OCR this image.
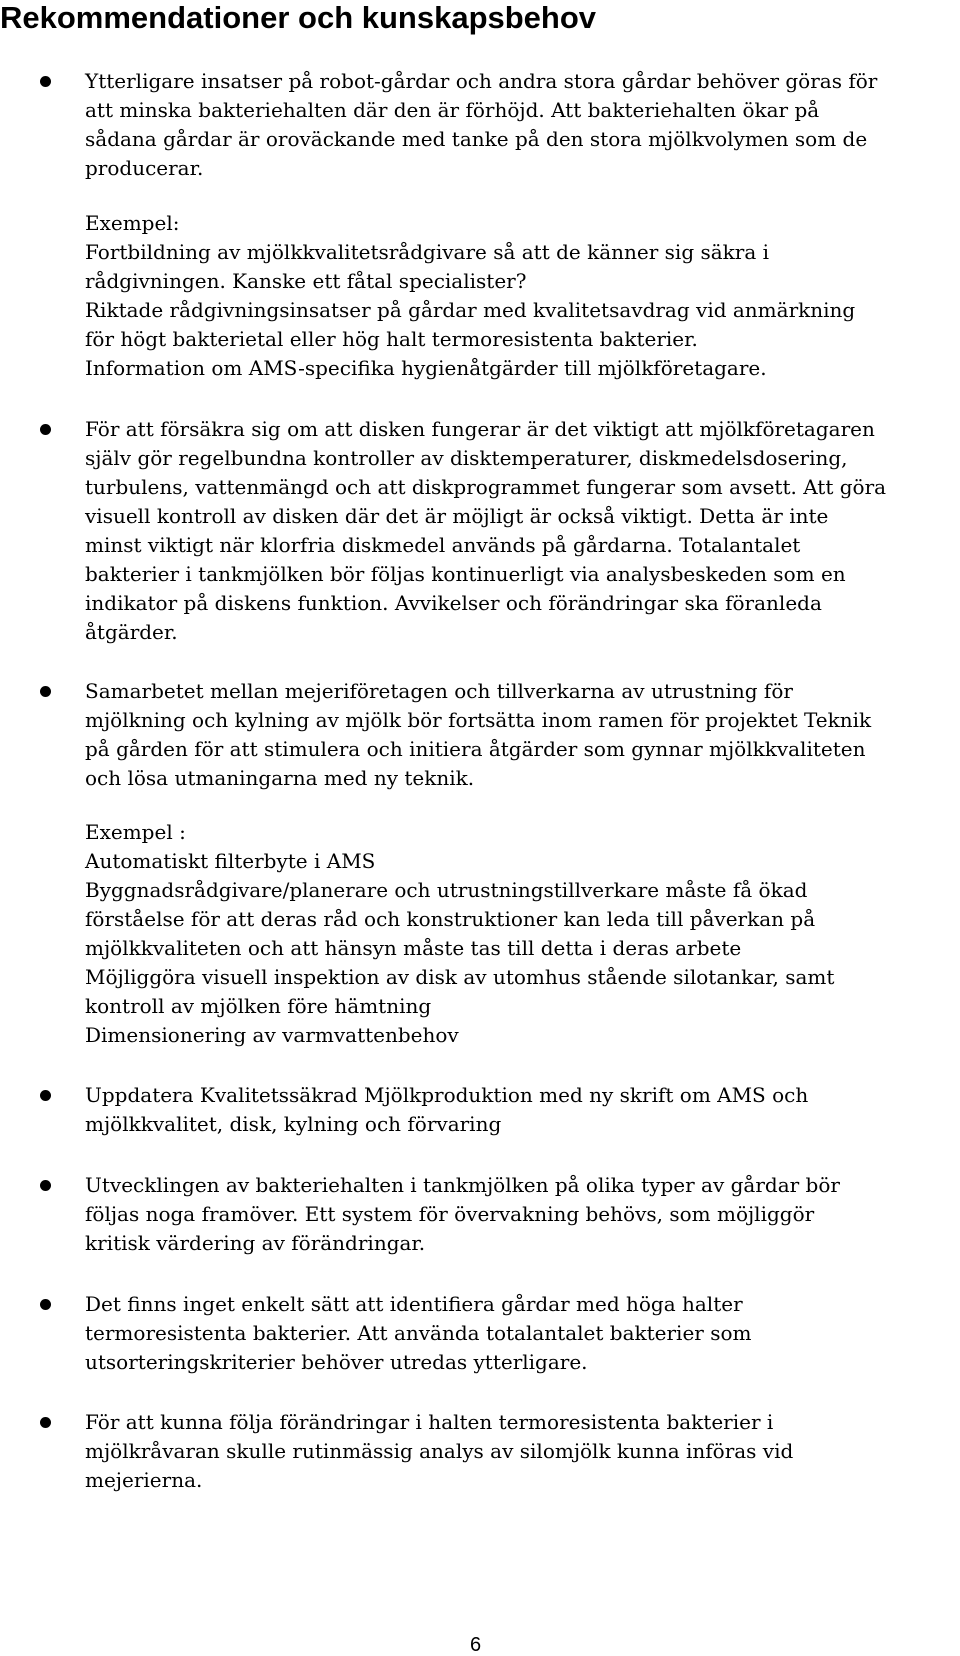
Rekommendationer och kunskapsbehov

Ytterligare insatser på robot-gårdar och andra stora gårdar behöver göras för
att minska bakteriehalten där den är förhöjd. Att bakteriehalten ökar på
sådana gårdar är oroväckande med tanke på den stora mjölkvolymen som de
producerar.

Exempel:
Fortbildning av mjölkkvalitetsrådgivare så att de känner sig säkra i
rådgivningen. Kanske ett fåtal specialister?
Riktade rådgivningsinsatser på gårdar med kvalitetsavdrag vid anmärkning
för högt bakterietal eller hög halt termoresistenta bakterier.
Information om AMS-specifika hygienåtgärder till mjölkföretagare.

För att försäkra sig om att disken fungerar är det viktigt att mjölkföretagaren
själv gör regelbundna kontroller av disktemperaturer, diskmedelsdosering,
turbulens, vattenmängd och att diskprogrammet fungerar som avsett. Att göra
visuell kontroll av disken där det är möjligt är också viktigt. Detta är inte
minst viktigt när klorfria diskmedel används på gårdarna. Totalantalet
bakterier i tankmjölken bör följas kontinuerligt via analysbeskeden som en
indikator på diskens funktion. Avvikelser och förändringar ska föranleda
åtgärder.

Samarbetet mellan mejeriföretagen och tillverkarna av utrustning för
mjölkning och kylning av mjölk bör fortsätta inom ramen för projektet Teknik
på gården för att stimulera och initiera åtgärder som gynnar mjölkkvaliteten
och lösa utmaningarna med ny teknik.

Exempel :
Automatiskt filterbyte i AMS
Byggnadsrådgivare/planerare och utrustningstillverkare måste få ökad
förståelse för att deras råd och konstruktioner kan leda till påverkan på
mjölkkvaliteten och att hänsyn måste tas till detta i deras arbete
Möjliggöra visuell inspektion av disk av utomhus stående silotankar, samt
kontroll av mjölken före hämtning
Dimensionering av varmvattenbehov

Uppdatera Kvalitetssäkrad Mjölkproduktion med ny skrift om AMS och
mjölkkvalitet, disk, kylning och förvaring

Utvecklingen av bakteriehalten i tankmjölken på olika typer av gårdar bör
följas noga framöver. Ett system för övervakning behövs, som möjliggör
kritisk värdering av förändringar.

Det finns inget enkelt sätt att identifiera gårdar med höga halter
termoresistenta bakterier. Att använda totalantalet bakterier som
utsorteringskriterier behöver utredas ytterligare.

För att kunna följa förändringar i halten termoresistenta bakterier i
mjölkråvaran skulle rutinmässig analys av silomjölk kunna införas vid
mejerierna.

6
